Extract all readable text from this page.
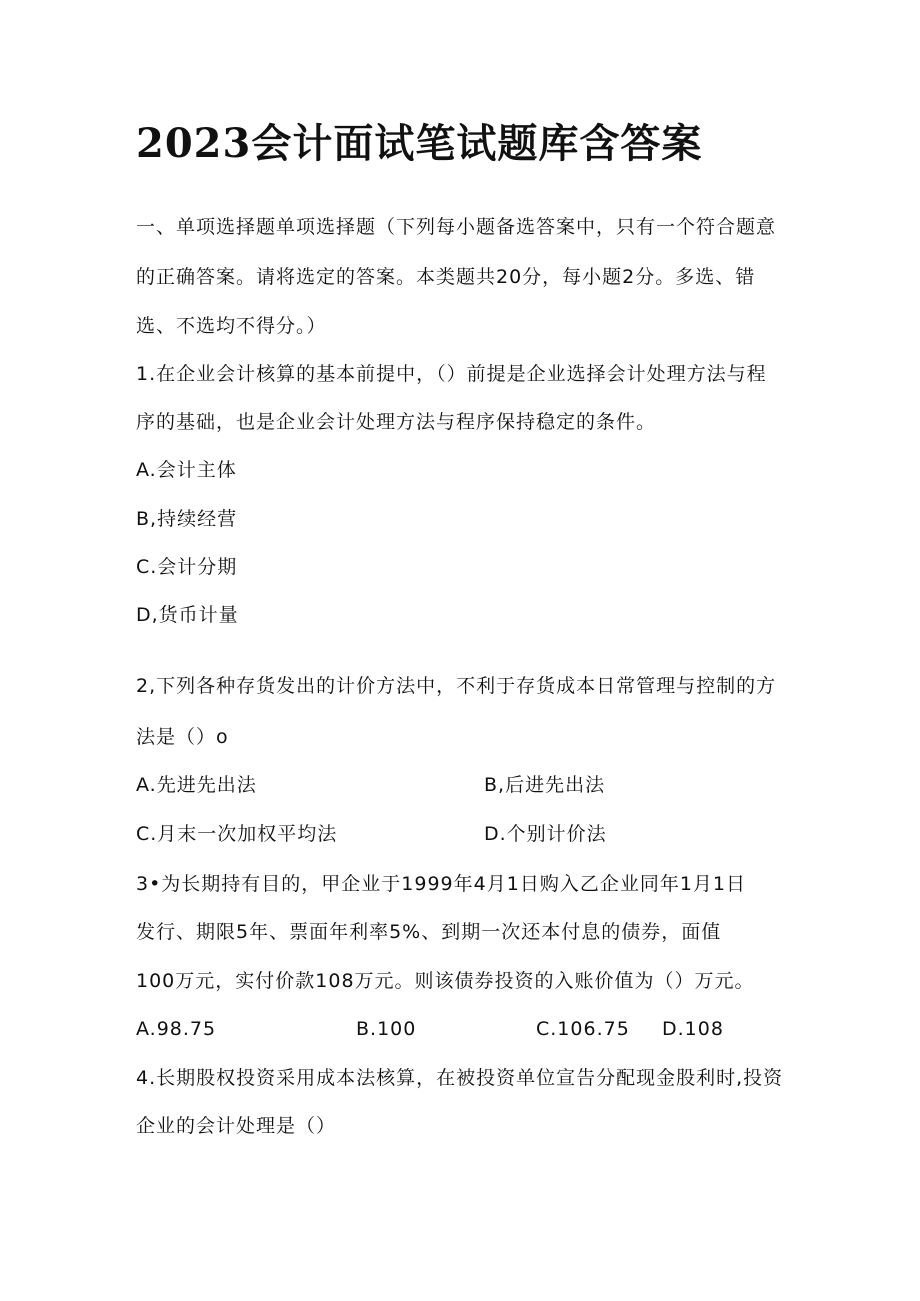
2023会计面试笔试题库含答案
一、单项选择题单项选择题（下列每小题备选答案中，只有一个符合题意
的正确答案。请将选定的答案。本类题共20分，每小题2分。多选、错
选、不选均不得分。）
1.在企业会计核算的基本前提中，（）前提是企业选择会计处理方法与程
序的基础，也是企业会计处理方法与程序保持稳定的条件。
A.会计主体
B,持续经营
C.会计分期
D,货币计量
2,下列各种存货发出的计价方法中，不利于存货成本日常管理与控制的方
法是（）o
A.先进先出法	B,后进先出法
C.月末一次加权平均法	D.个别计价法
3•为长期持有目的，甲企业于1999年4月1日购入乙企业同年1月1日
发行、期限5年、票面年利率5%、到期一次还本付息的债券，面值
100万元，实付价款108万元。则该债券投资的入账价值为（）万元。
A.98.75	B.100	C.106.75 D.108
4.长期股权投资采用成本法核算，在被投资单位宣告分配现金股利时,投资
企业的会计处理是（）
